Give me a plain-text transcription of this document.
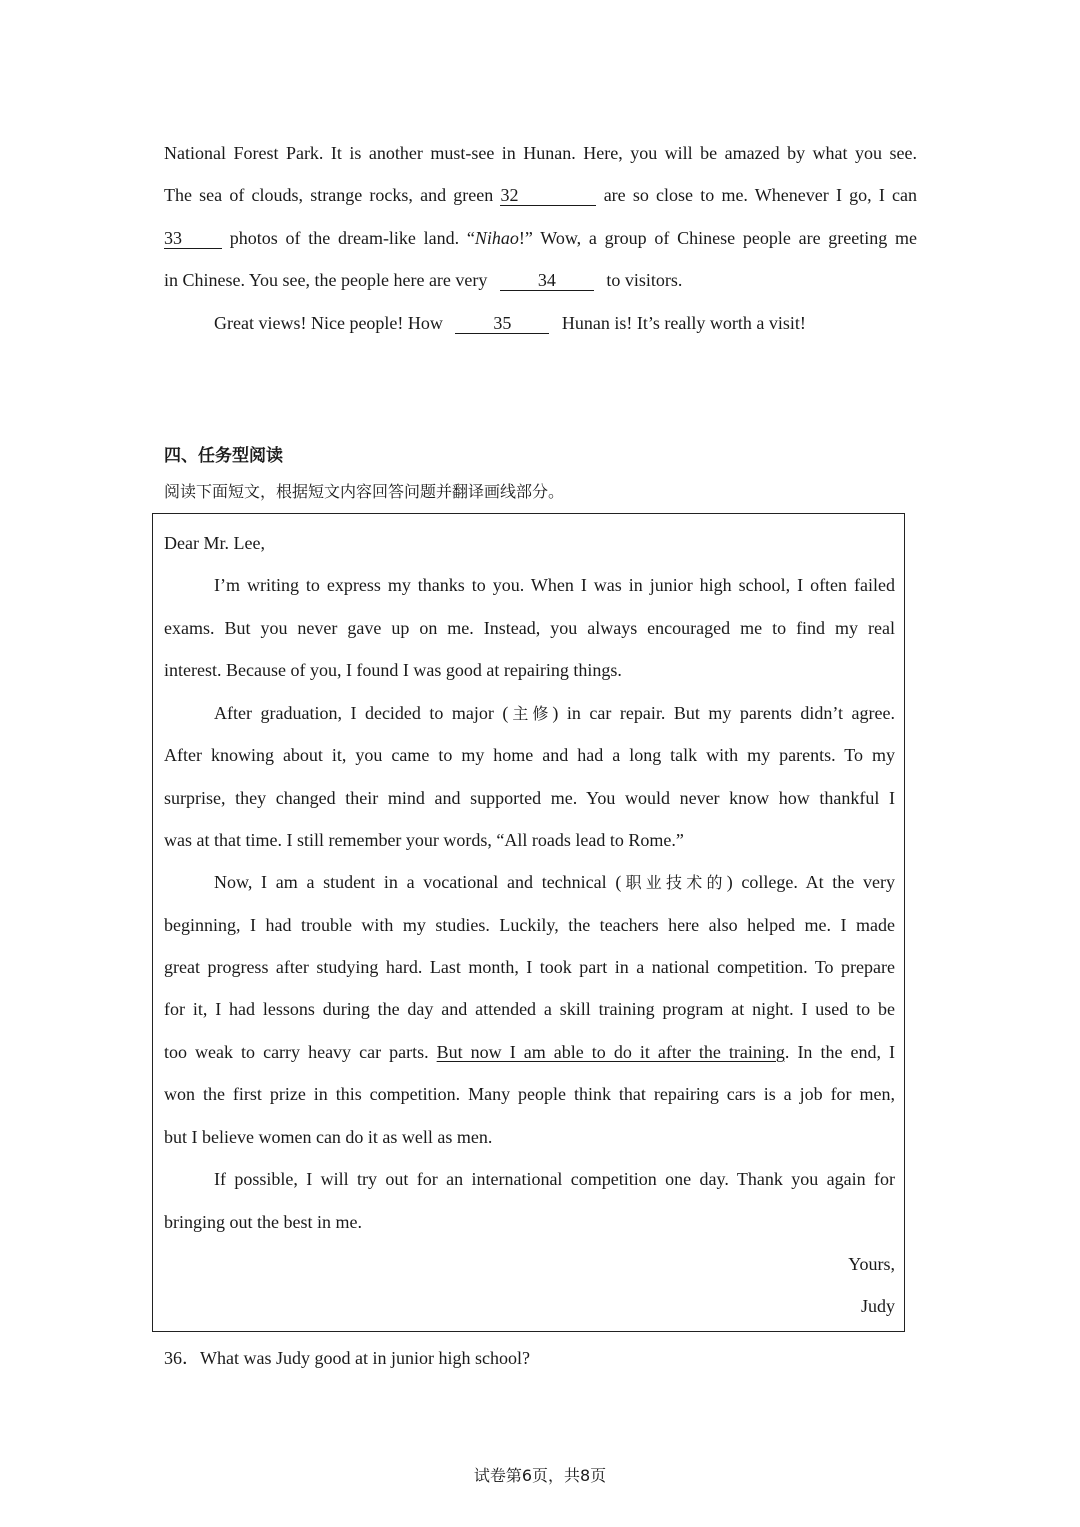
National Forest Park. It is another must-see in Hunan. Here, you will be amazed by what you see.
The sea of clouds, strange rocks, and green 32	are so close to me. Whenever I go, I can
33	photos of the dream-like land. “Nihao!” Wow, a group of Chinese people are greeting me
in Chinese. You see, the people here are very	34	to visitors.
Great views! Nice people! How	35	Hunan is! It’s really worth a visit!
四、任务型阅读
阅读下面短文，根据短文内容回答问题并翻译画线部分。
Dear Mr. Lee,
I’m writing to express my thanks to you. When I was in junior high school, I often failed
exams. But you never gave up on me. Instead, you always encouraged me to find my real
interest. Because of you, I found I was good at repairing things.
After graduation, I decided to major (主修) in car repair. But my parents didn’t agree.
After knowing about it, you came to my home and had a long talk with my parents. To my
surprise, they changed their mind and supported me. You would never know how thankful I
was at that time. I still remember your words, “All roads lead to Rome.”
Now, I am a student in a vocational and technical (职业技术的) college. At the very
beginning, I had trouble with my studies. Luckily, the teachers here also helped me. I made
great progress after studying hard. Last month, I took part in a national competition. To prepare
for it, I had lessons during the day and attended a skill training program at night. I used to be
too weak to carry heavy car parts. But now I am able to do it after the training. In the end, I
won the first prize in this competition. Many people think that repairing cars is a job for men,
but I believe women can do it as well as men.
If possible, I will try out for an international competition one day. Thank you again for
bringing out the best in me.
Yours,
Judy
36．What was Judy good at in junior high school?
试卷第6页，共8页
